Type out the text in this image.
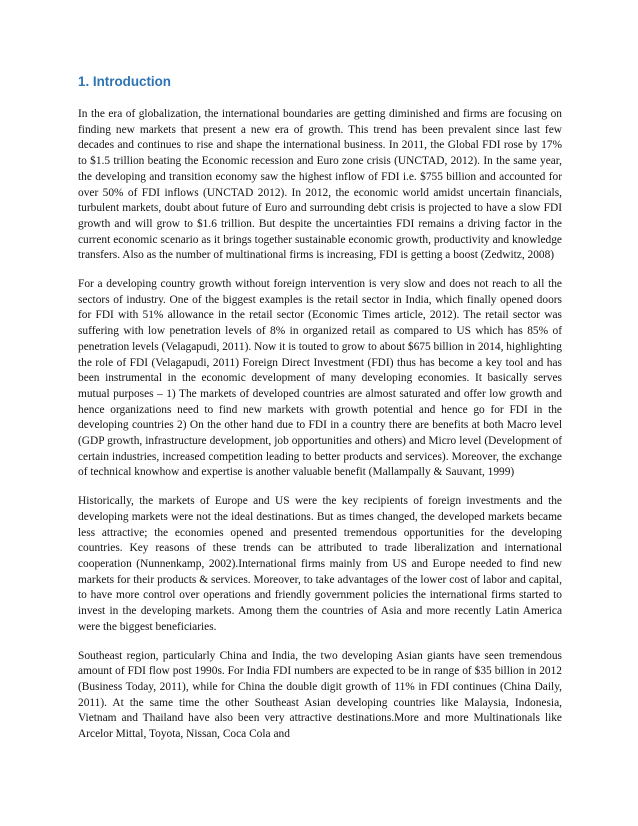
1. Introduction

In the era of globalization, the international boundaries are getting diminished and firms are focusing on finding new markets that present a new era of growth. This trend has been prevalent since last few decades and continues to rise and shape the international business. In 2011, the Global FDI rose by 17% to $1.5 trillion beating the Economic recession and Euro zone crisis (UNCTAD, 2012). In the same year, the developing and transition economy saw the highest inflow of FDI i.e. $755 billion and accounted for over 50% of FDI inflows (UNCTAD 2012). In 2012, the economic world amidst uncertain financials, turbulent markets, doubt about future of Euro and surrounding debt crisis is projected to have a slow FDI growth and will grow to $1.6 trillion. But despite the uncertainties FDI remains a driving factor in the current economic scenario as it brings together sustainable economic growth, productivity and knowledge transfers. Also as the number of multinational firms is increasing, FDI is getting a boost (Zedwitz, 2008)

For a developing country growth without foreign intervention is very slow and does not reach to all the sectors of industry. One of the biggest examples is the retail sector in India, which finally opened doors for FDI with 51% allowance in the retail sector (Economic Times article, 2012). The retail sector was suffering with low penetration levels of 8% in organized retail as compared to US which has 85% of penetration levels (Velagapudi, 2011). Now it is touted to grow to about $675 billion in 2014, highlighting the role of FDI (Velagapudi, 2011) Foreign Direct Investment (FDI) thus has become a key tool and has been instrumental in the economic development of many developing economies. It basically serves mutual purposes – 1) The markets of developed countries are almost saturated and offer low growth and hence organizations need to find new markets with growth potential and hence go for FDI in the developing countries 2) On the other hand due to FDI in a country there are benefits at both Macro level (GDP growth, infrastructure development, job opportunities and others) and Micro level (Development of certain industries, increased competition leading to better products and services). Moreover, the exchange of technical knowhow and expertise is another valuable benefit (Mallampally & Sauvant, 1999)

Historically, the markets of Europe and US were the key recipients of foreign investments and the developing markets were not the ideal destinations. But as times changed, the developed markets became less attractive; the economies opened and presented tremendous opportunities for the developing countries. Key reasons of these trends can be attributed to trade liberalization and international cooperation (Nunnenkamp, 2002).International firms mainly from US and Europe needed to find new markets for their products & services. Moreover, to take advantages of the lower cost of labor and capital, to have more control over operations and friendly government policies the international firms started to invest in the developing markets. Among them the countries of Asia and more recently Latin America were the biggest beneficiaries.

Southeast region, particularly China and India, the two developing Asian giants have seen tremendous amount of FDI flow post 1990s. For India FDI numbers are expected to be in range of $35 billion in 2012 (Business Today, 2011), while for China the double digit growth of 11% in FDI continues (China Daily, 2011). At the same time the other Southeast Asian developing countries like Malaysia, Indonesia, Vietnam and Thailand have also been very attractive destinations.More and more Multinationals like Arcelor Mittal, Toyota, Nissan, Coca Cola and
